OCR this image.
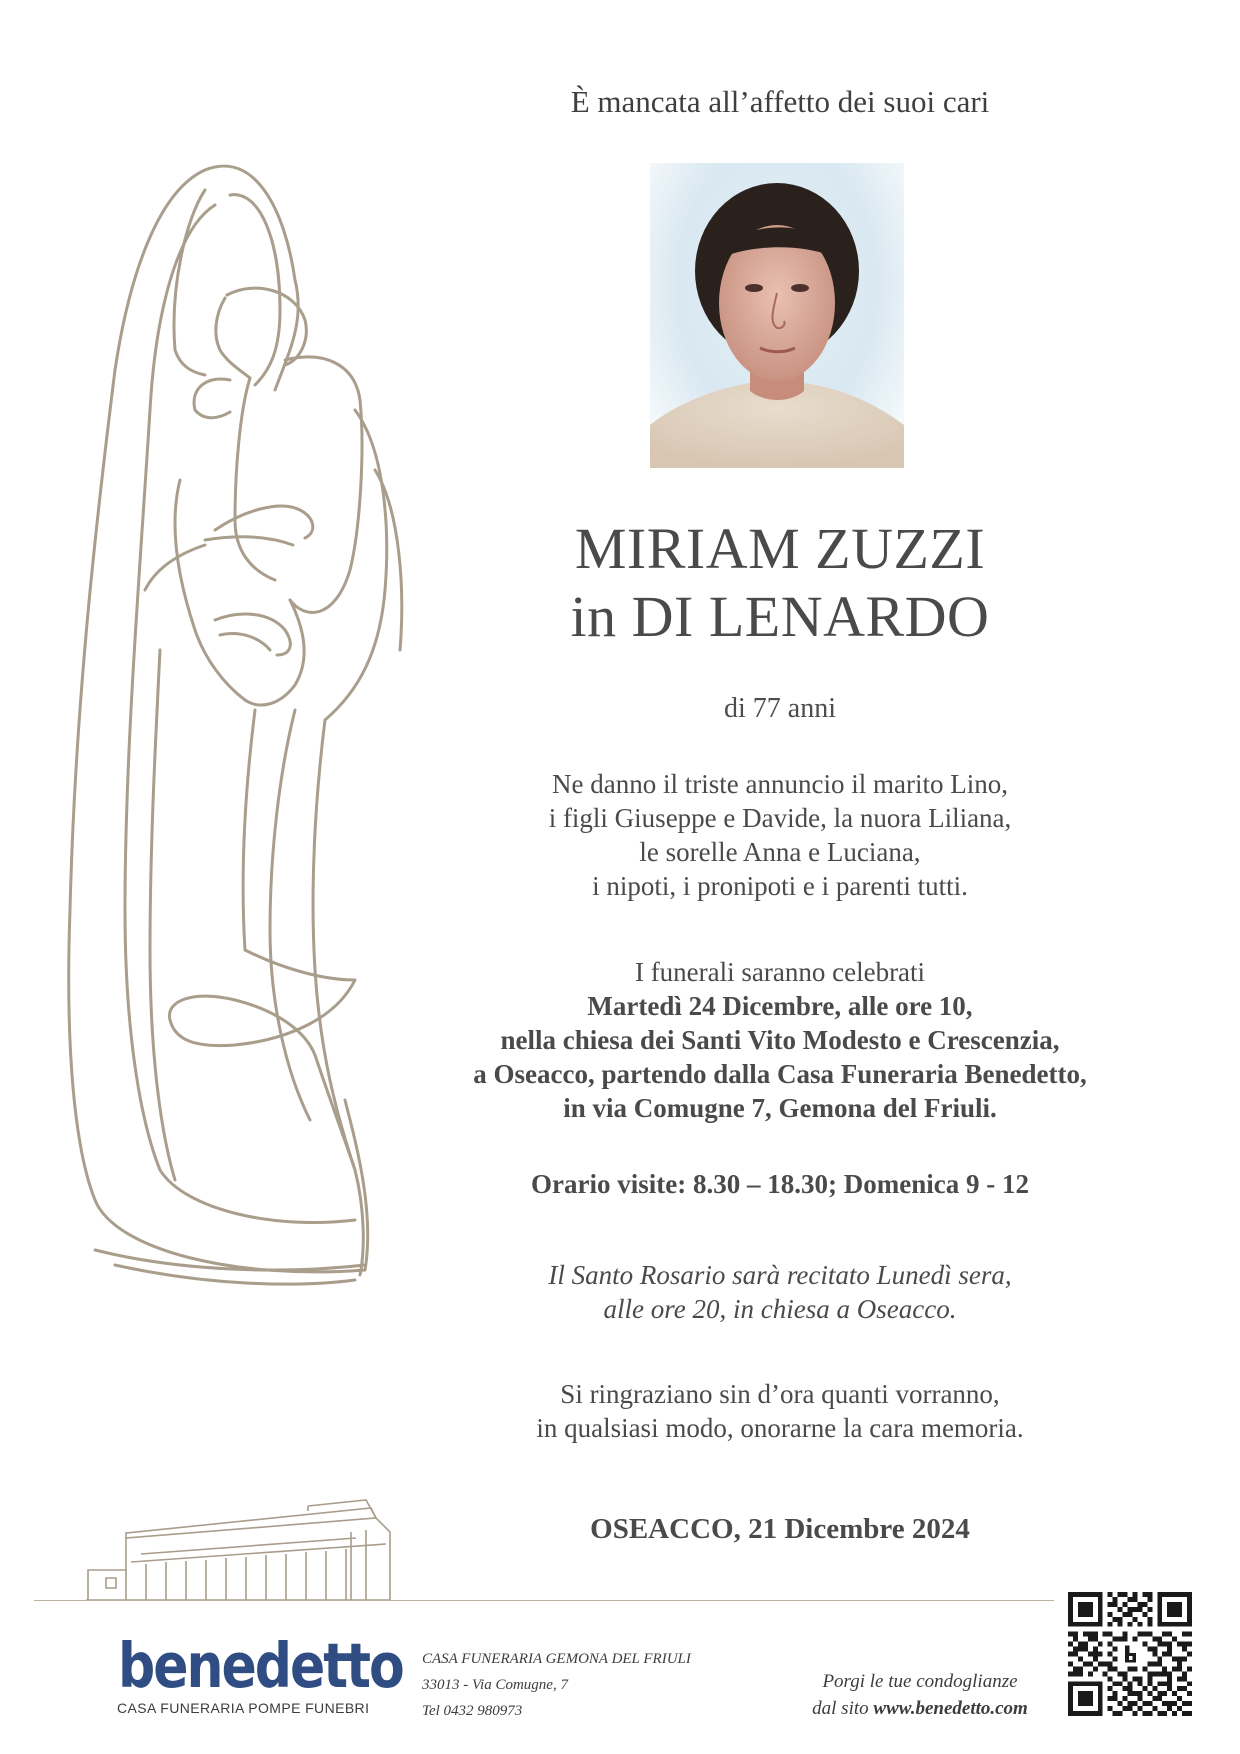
È mancata all’affetto dei suoi cari
MIRIAM ZUZZI
in DI LENARDO
di 77 anni
Ne danno il triste annuncio il marito Lino,
i figli Giuseppe e Davide, la nuora Liliana,
le sorelle Anna e Luciana,
i nipoti, i pronipoti e i parenti tutti.
I funerali saranno celebrati
Martedì 24 Dicembre, alle ore 10,
nella chiesa dei Santi Vito Modesto e Crescenzia,
a Oseacco, partendo dalla Casa Funeraria Benedetto,
in via Comugne 7, Gemona del Friuli.
Orario visite: 8.30 – 18.30; Domenica 9 - 12
Il Santo Rosario sarà recitato Lunedì sera,
alle ore 20, in chiesa a Oseacco.
Si ringraziano sin d’ora quanti vorranno,
in qualsiasi modo, onorarne la cara memoria.
OSEACCO, 21 Dicembre 2024
benedetto
CASA FUNERARIA POMPE FUNEBRI
CASA FUNERARIA GEMONA DEL FRIULI
33013 - Via Comugne, 7
Tel 0432 980973
Porgi le tue condoglianze
dal sito www.benedetto.com
